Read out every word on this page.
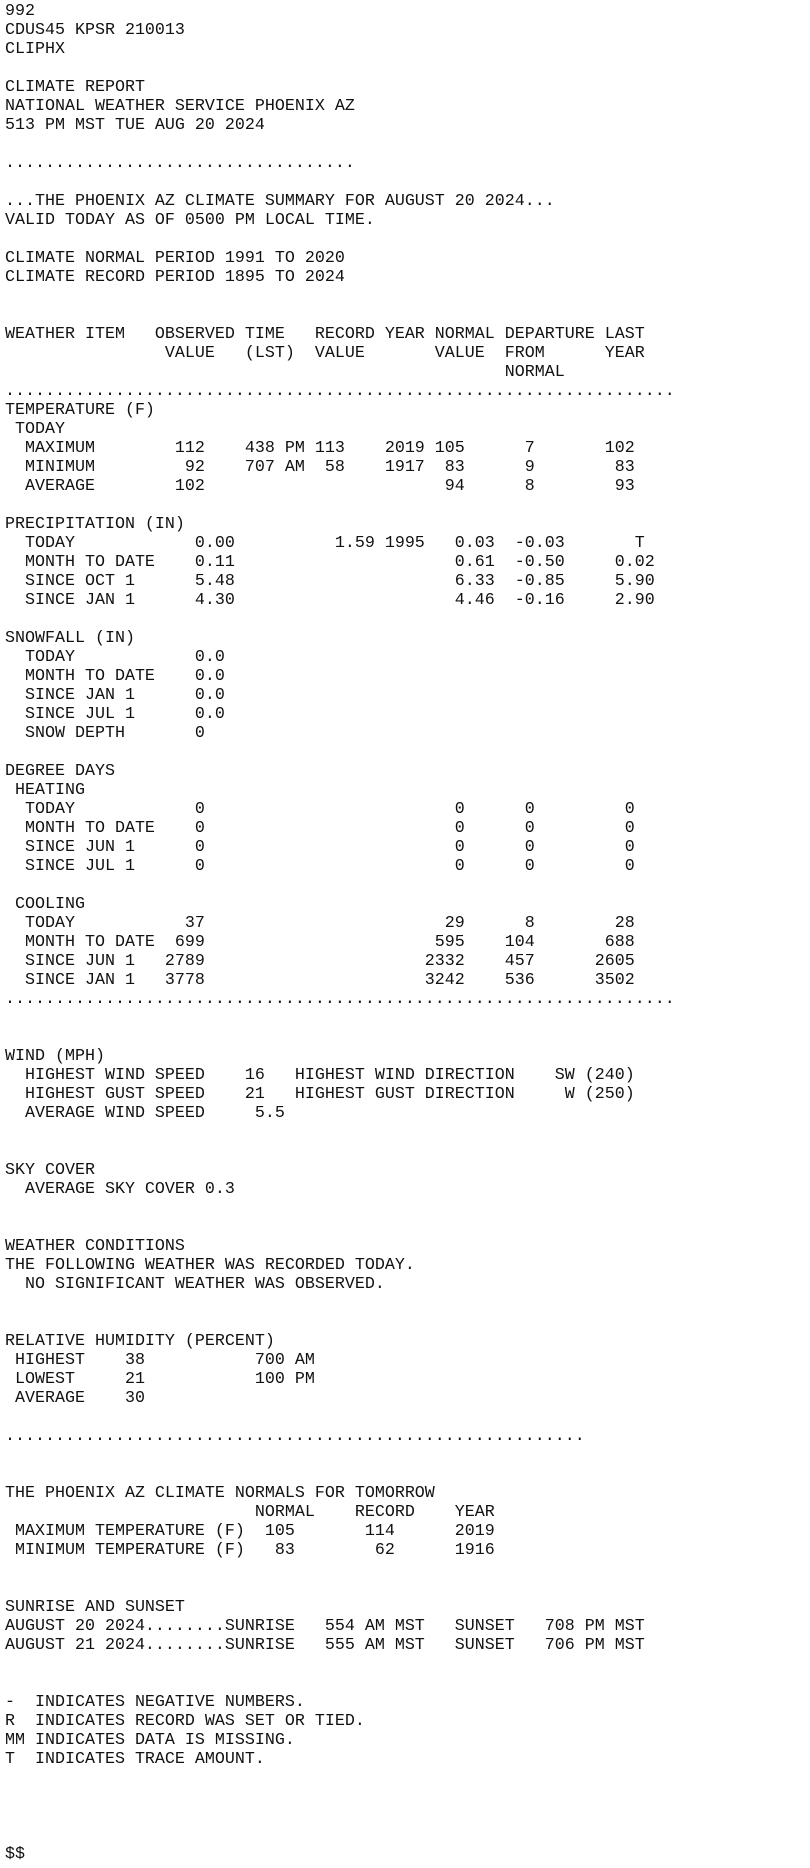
992
CDUS45 KPSR 210013
CLIPHX
CLIMATE REPORT
NATIONAL WEATHER SERVICE PHOENIX AZ
513 PM MST TUE AUG 20 2024
...................................
...THE PHOENIX AZ CLIMATE SUMMARY FOR AUGUST 20 2024...
VALID TODAY AS OF 0500 PM LOCAL TIME.
CLIMATE NORMAL PERIOD 1991 TO 2020
CLIMATE RECORD PERIOD 1895 TO 2024
WEATHER ITEM   OBSERVED TIME   RECORD YEAR NORMAL DEPARTURE LAST
VALUE   (LST)  VALUE       VALUE  FROM      YEAR
NORMAL
...................................................................
TEMPERATURE (F)
TODAY
MAXIMUM        112    438 PM 113    2019 105      7       102
MINIMUM         92    707 AM  58    1917  83      9        83
AVERAGE        102                        94      8        93
PRECIPITATION (IN)
TODAY            0.00          1.59 1995   0.03  -0.03       T
MONTH TO DATE    0.11                      0.61  -0.50     0.02
SINCE OCT 1      5.48                      6.33  -0.85     5.90
SINCE JAN 1      4.30                      4.46  -0.16     2.90
SNOWFALL (IN)
TODAY            0.0
MONTH TO DATE    0.0
SINCE JAN 1      0.0
SINCE JUL 1      0.0
SNOW DEPTH       0
DEGREE DAYS
HEATING
TODAY            0                         0      0         0
MONTH TO DATE    0                         0      0         0
SINCE JUN 1      0                         0      0         0
SINCE JUL 1      0                         0      0         0
COOLING
TODAY           37                        29      8        28
MONTH TO DATE  699                       595    104       688
SINCE JUN 1   2789                      2332    457      2605
SINCE JAN 1   3778                      3242    536      3502
...................................................................
WIND (MPH)
HIGHEST WIND SPEED    16   HIGHEST WIND DIRECTION    SW (240)
HIGHEST GUST SPEED    21   HIGHEST GUST DIRECTION     W (250)
AVERAGE WIND SPEED     5.5
SKY COVER
AVERAGE SKY COVER 0.3
WEATHER CONDITIONS
THE FOLLOWING WEATHER WAS RECORDED TODAY.
NO SIGNIFICANT WEATHER WAS OBSERVED.
RELATIVE HUMIDITY (PERCENT)
HIGHEST    38           700 AM
LOWEST     21           100 PM
AVERAGE    30
..........................................................
THE PHOENIX AZ CLIMATE NORMALS FOR TOMORROW
NORMAL    RECORD    YEAR
MAXIMUM TEMPERATURE (F)  105       114      2019
MINIMUM TEMPERATURE (F)   83        62      1916
SUNRISE AND SUNSET
AUGUST 20 2024........SUNRISE   554 AM MST   SUNSET   708 PM MST
AUGUST 21 2024........SUNRISE   555 AM MST   SUNSET   706 PM MST
-  INDICATES NEGATIVE NUMBERS.
R  INDICATES RECORD WAS SET OR TIED.
MM INDICATES DATA IS MISSING.
T  INDICATES TRACE AMOUNT.
$$
